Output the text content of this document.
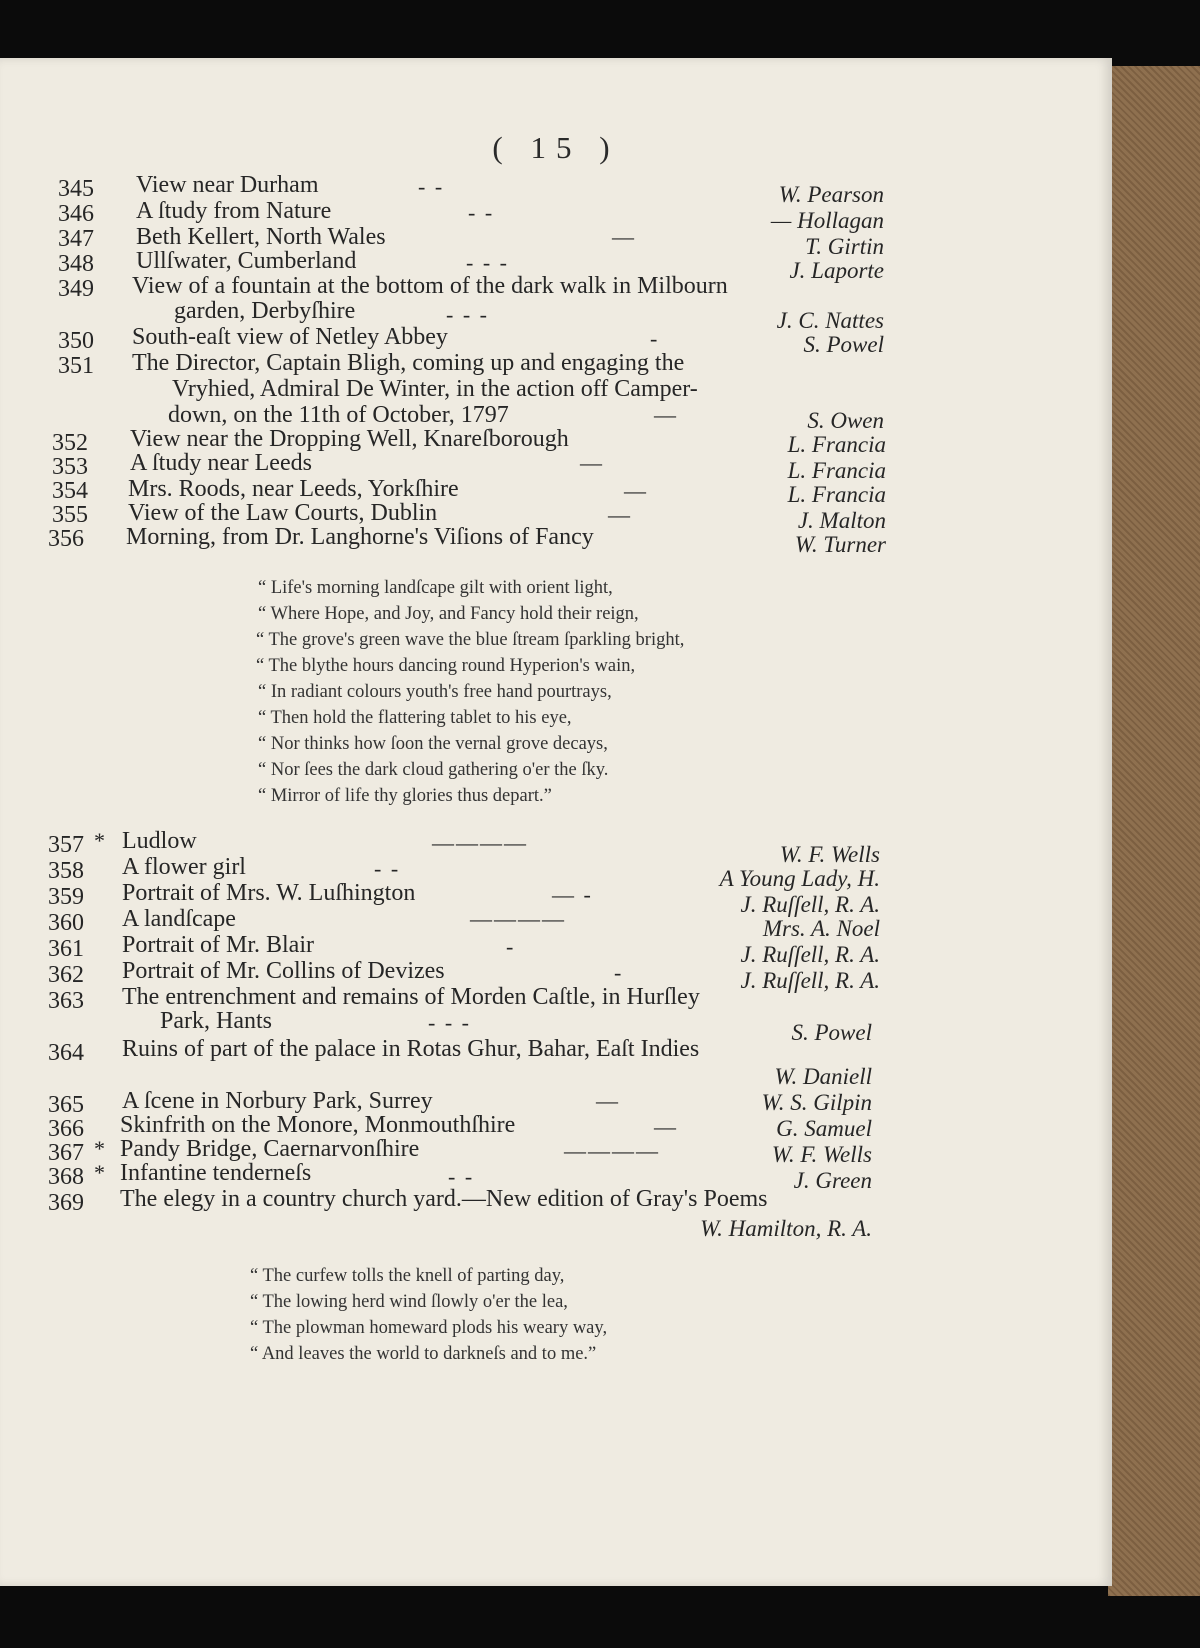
( 15 )
345 View near Durham	- -	W. Pearson
346 A ſtudy from Nature	- -	— Hollagan
347 Beth Kellert, North Wales	—	T. Girtin
348 Ullſwater, Cumberland	- - -	J. Laporte
349 View of a fountain at the bottom of the dark walk in Milbourn
garden, Derbyſhire	- - -	J. C. Nattes
350 South-eaſt view of Netley Abbey	-	S. Powel
351 The Director, Captain Bligh, coming up and engaging the
Vryhied, Admiral De Winter, in the action off Camper-
down, on the 11th of October, 1797	—	S. Owen
352 View near the Dropping Well, Knareſborough	L. Francia
353 A ſtudy near Leeds	—	L. Francia
354 Mrs. Roods, near Leeds, Yorkſhire	—	L. Francia
355 View of the Law Courts, Dublin	—	J. Malton
356 Morning, from Dr. Langhorne's Viſions of Fancy	W. Turner
“ Life's morning landſcape gilt with orient light,
“ Where Hope, and Joy, and Fancy hold their reign,
“ The grove's green wave the blue ſtream ſparkling bright,
“ The blythe hours dancing round Hyperion's wain,
“ In radiant colours youth's free hand pourtrays,
“ Then hold the flattering tablet to his eye,
“ Nor thinks how ſoon the vernal grove decays,
“ Nor ſees the dark cloud gathering o'er the ſky.
“ Mirror of life thy glories thus depart.”
357 * Ludlow	————	W. F. Wells
358 A flower girl	- -	A Young Lady, H.
359 Portrait of Mrs. W. Luſhington	— -	J. Ruſſell, R. A.
360 A landſcape	————	Mrs. A. Noel
361 Portrait of Mr. Blair	-	J. Ruſſell, R. A.
362 Portrait of Mr. Collins of Devizes	-	J. Ruſſell, R. A.
363 The entrenchment and remains of Morden Caſtle, in Hurſley
Park, Hants	- - -	S. Powel
364 Ruins of part of the palace in Rotas Ghur, Bahar, Eaſt Indies
W. Daniell
365 A ſcene in Norbury Park, Surrey	—	W. S. Gilpin
366 Skinfrith on the Monore, Monmouthſhire	—	G. Samuel
367 * Pandy Bridge, Caernarvonſhire	————	W. F. Wells
368 * Infantine tenderneſs	- -	J. Green
369 The elegy in a country church yard.—New edition of Gray's Poems
W. Hamilton, R. A.
“ The curfew tolls the knell of parting day,
“ The lowing herd wind ſlowly o'er the lea,
“ The plowman homeward plods his weary way,
“ And leaves the world to darkneſs and to me.”
